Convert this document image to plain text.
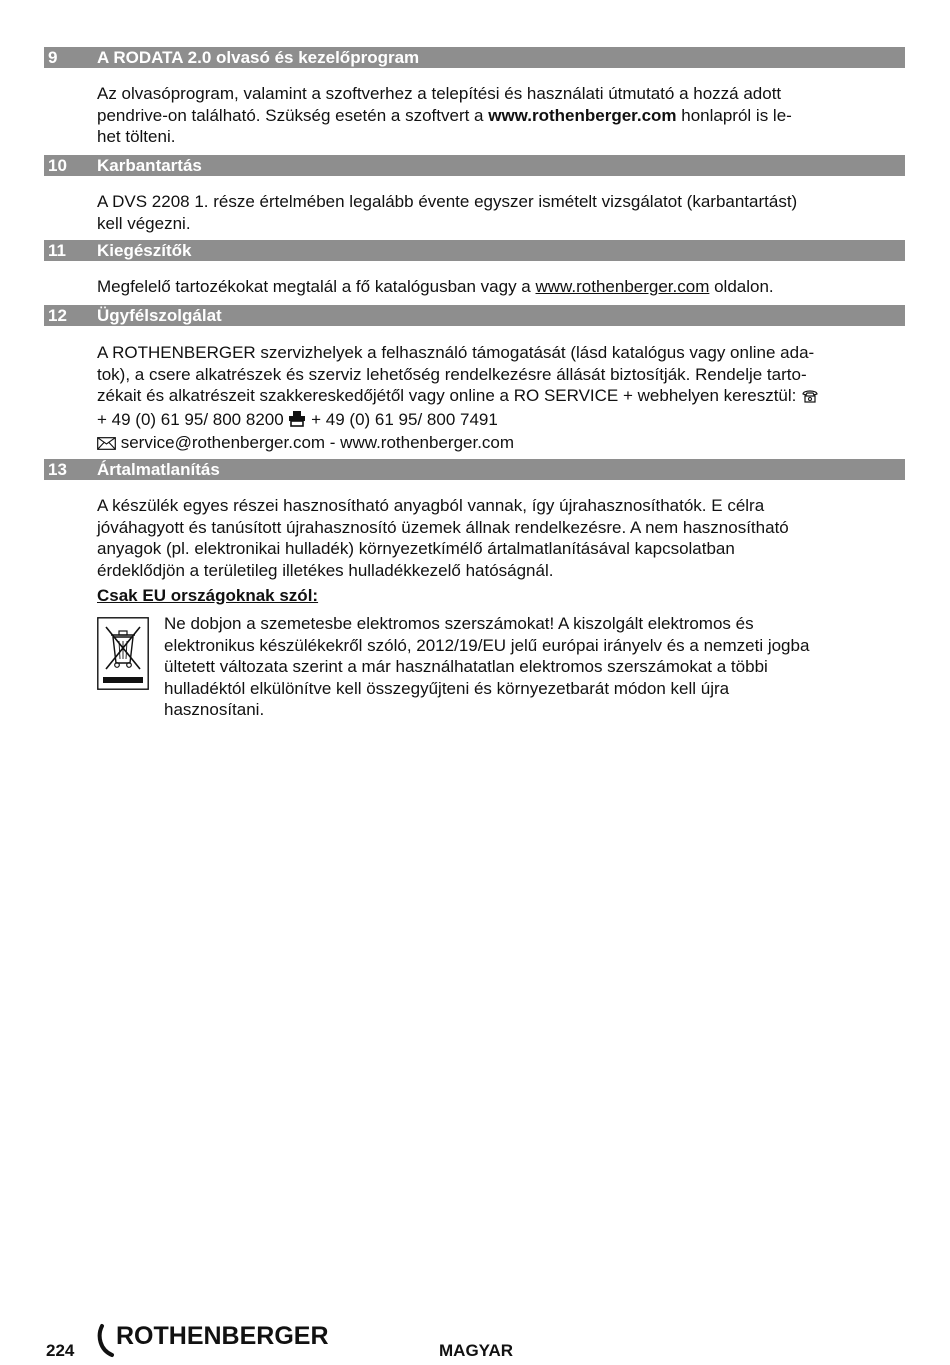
9 A RODATA 2.0 olvasó és kezelőprogram
Az olvasóprogram, valamint a szoftverhez a telepítési és használati útmutató a hozzá adott
pendrive-on található. Szükség esetén a szoftvert a www.rothenberger.com honlapról is le-
het tölteni.
10 Karbantartás
A DVS 2208 1. része értelmében legalább évente egyszer ismételt vizsgálatot (karbantartást)
kell végezni.
11 Kiegészítők
Megfelelő tartozékokat megtalál a fő katalógusban vagy a www.rothenberger.com oldalon.
12 Ügyfélszolgálat
A ROTHENBERGER szervizhelyek a felhasználó támogatását (lásd katalógus vagy online ada-
tok), a csere alkatrészek és szerviz lehetőség rendelkezésre állását biztosítják. Rendelje tarto-
zékait és alkatrészeit szakkereskedőjétől vagy online a RO SERVICE + webhelyen keresztül:
+ 49 (0) 61 95/ 800 8200  + 49 (0) 61 95/ 800 7491
service@rothenberger.com - www.rothenberger.com
13 Ártalmatlanítás
A készülék egyes részei hasznosítható anyagból vannak, így újrahasznosíthatók. E célra
jóváhagyott és tanúsított újrahasznosító üzemek állnak rendelkezésre. A nem hasznosítható
anyagok (pl. elektronikai hulladék) környezetkímélő ártalmatlanításával kapcsolatban
érdeklődjön a területileg illetékes hulladékkezelő hatóságnál.
Csak EU országoknak szól:
Ne dobjon a szemetesbe elektromos szerszámokat! A kiszolgált elektromos és
elektronikus készülékekről szóló, 2012/19/EU jelű európai irányelv és a nemzeti jogba
ültetett változata szerint a már használhatatlan elektromos szerszámokat a többi
hulladéktól elkülönítve kell összegyűjteni és környezetbarát módon kell újra
hasznosítani.
224
ROTHENBERGER
MAGYAR
